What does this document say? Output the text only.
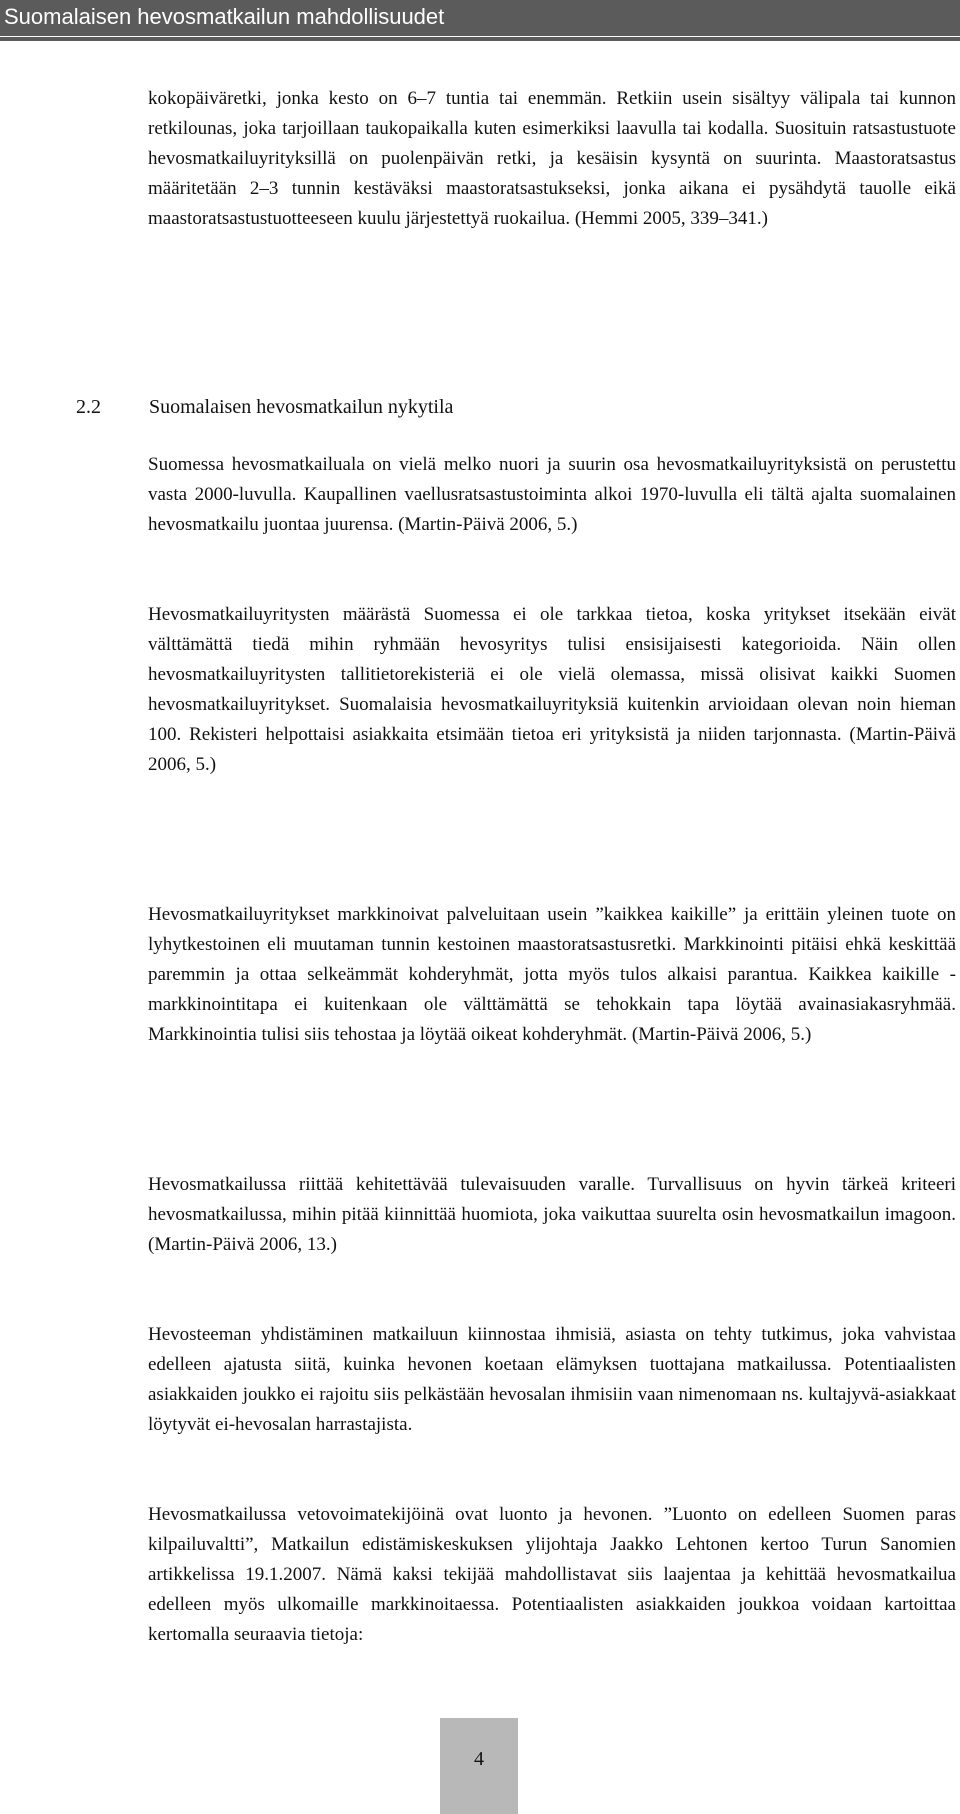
Suomalaisen hevosmatkailun mahdollisuudet

kokopäiväretki, jonka kesto on 6–7 tuntia tai enemmän. Retkiin usein sisältyy välipala tai kunnon retkilounas, joka tarjoillaan taukopaikalla kuten esimerkiksi laavulla tai kodalla. Suosituin ratsastustuote hevosmatkailuyrityksillä on puolenpäivän retki, ja kesäisin kysyntä on suurinta. Maastoratsastus määritetään 2–3 tunnin kestäväksi maastoratsastukseksi, jonka aikana ei pysähdytä tauolle eikä maastoratsastustuotteeseen kuulu järjestettyä ruokailua. (Hemmi 2005, 339–341.)

2.2 Suomalaisen hevosmatkailun nykytila

Suomessa hevosmatkailuala on vielä melko nuori ja suurin osa hevosmatkailuyrityksistä on perustettu vasta 2000-luvulla. Kaupallinen vaellusratsastustoiminta alkoi 1970-luvulla eli tältä ajalta suomalainen hevosmatkailu juontaa juurensa. (Martin-Päivä 2006, 5.)

Hevosmatkailuyritysten määrästä Suomessa ei ole tarkkaa tietoa, koska yritykset itsekään eivät välttämättä tiedä mihin ryhmään hevosyritys tulisi ensisijaisesti kategorioida. Näin ollen hevosmatkailuyritysten tallitietorekisteriä ei ole vielä olemassa, missä olisivat kaikki Suomen hevosmatkailuyritykset. Suomalaisia hevosmatkailuyrityksiä kuitenkin arvioidaan olevan noin hieman 100. Rekisteri helpottaisi asiakkaita etsimään tietoa eri yrityksistä ja niiden tarjonnasta. (Martin-Päivä 2006, 5.)

Hevosmatkailuyritykset markkinoivat palveluitaan usein ”kaikkea kaikille” ja erittäin yleinen tuote on lyhytkestoinen eli muutaman tunnin kestoinen maastoratsastusretki. Markkinointi pitäisi ehkä keskittää paremmin ja ottaa selkeämmät kohderyhmät, jotta myös tulos alkaisi parantua. Kaikkea kaikille -markkinointitapa ei kuitenkaan ole välttämättä se tehokkain tapa löytää avainasiakasryhmää. Markkinointia tulisi siis tehostaa ja löytää oikeat kohderyhmät. (Martin-Päivä 2006, 5.)

Hevosmatkailussa riittää kehitettävää tulevaisuuden varalle. Turvallisuus on hyvin tärkeä kriteeri hevosmatkailussa, mihin pitää kiinnittää huomiota, joka vaikuttaa suurelta osin hevosmatkailun imagoon. (Martin-Päivä 2006, 13.)

Hevosteeman yhdistäminen matkailuun kiinnostaa ihmisiä, asiasta on tehty tutkimus, joka vahvistaa edelleen ajatusta siitä, kuinka hevonen koetaan elämyksen tuottajana matkailussa. Potentiaalisten asiakkaiden joukko ei rajoitu siis pelkästään hevosalan ihmisiin vaan nimenomaan ns. kultajyvä-asiakkaat löytyvät ei-hevosalan harrastajista.

Hevosmatkailussa vetovoimatekijöinä ovat luonto ja hevonen. ”Luonto on edelleen Suomen paras kilpailuvaltti”, Matkailun edistämiskeskuksen ylijohtaja Jaakko Lehtonen kertoo Turun Sanomien artikkelissa 19.1.2007. Nämä kaksi tekijää mahdollistavat siis laajentaa ja kehittää hevosmatkailua edelleen myös ulkomaille markkinoitaessa. Potentiaalisten asiakkaiden joukkoa voidaan kartoittaa kertomalla seuraavia tietoja:

4
